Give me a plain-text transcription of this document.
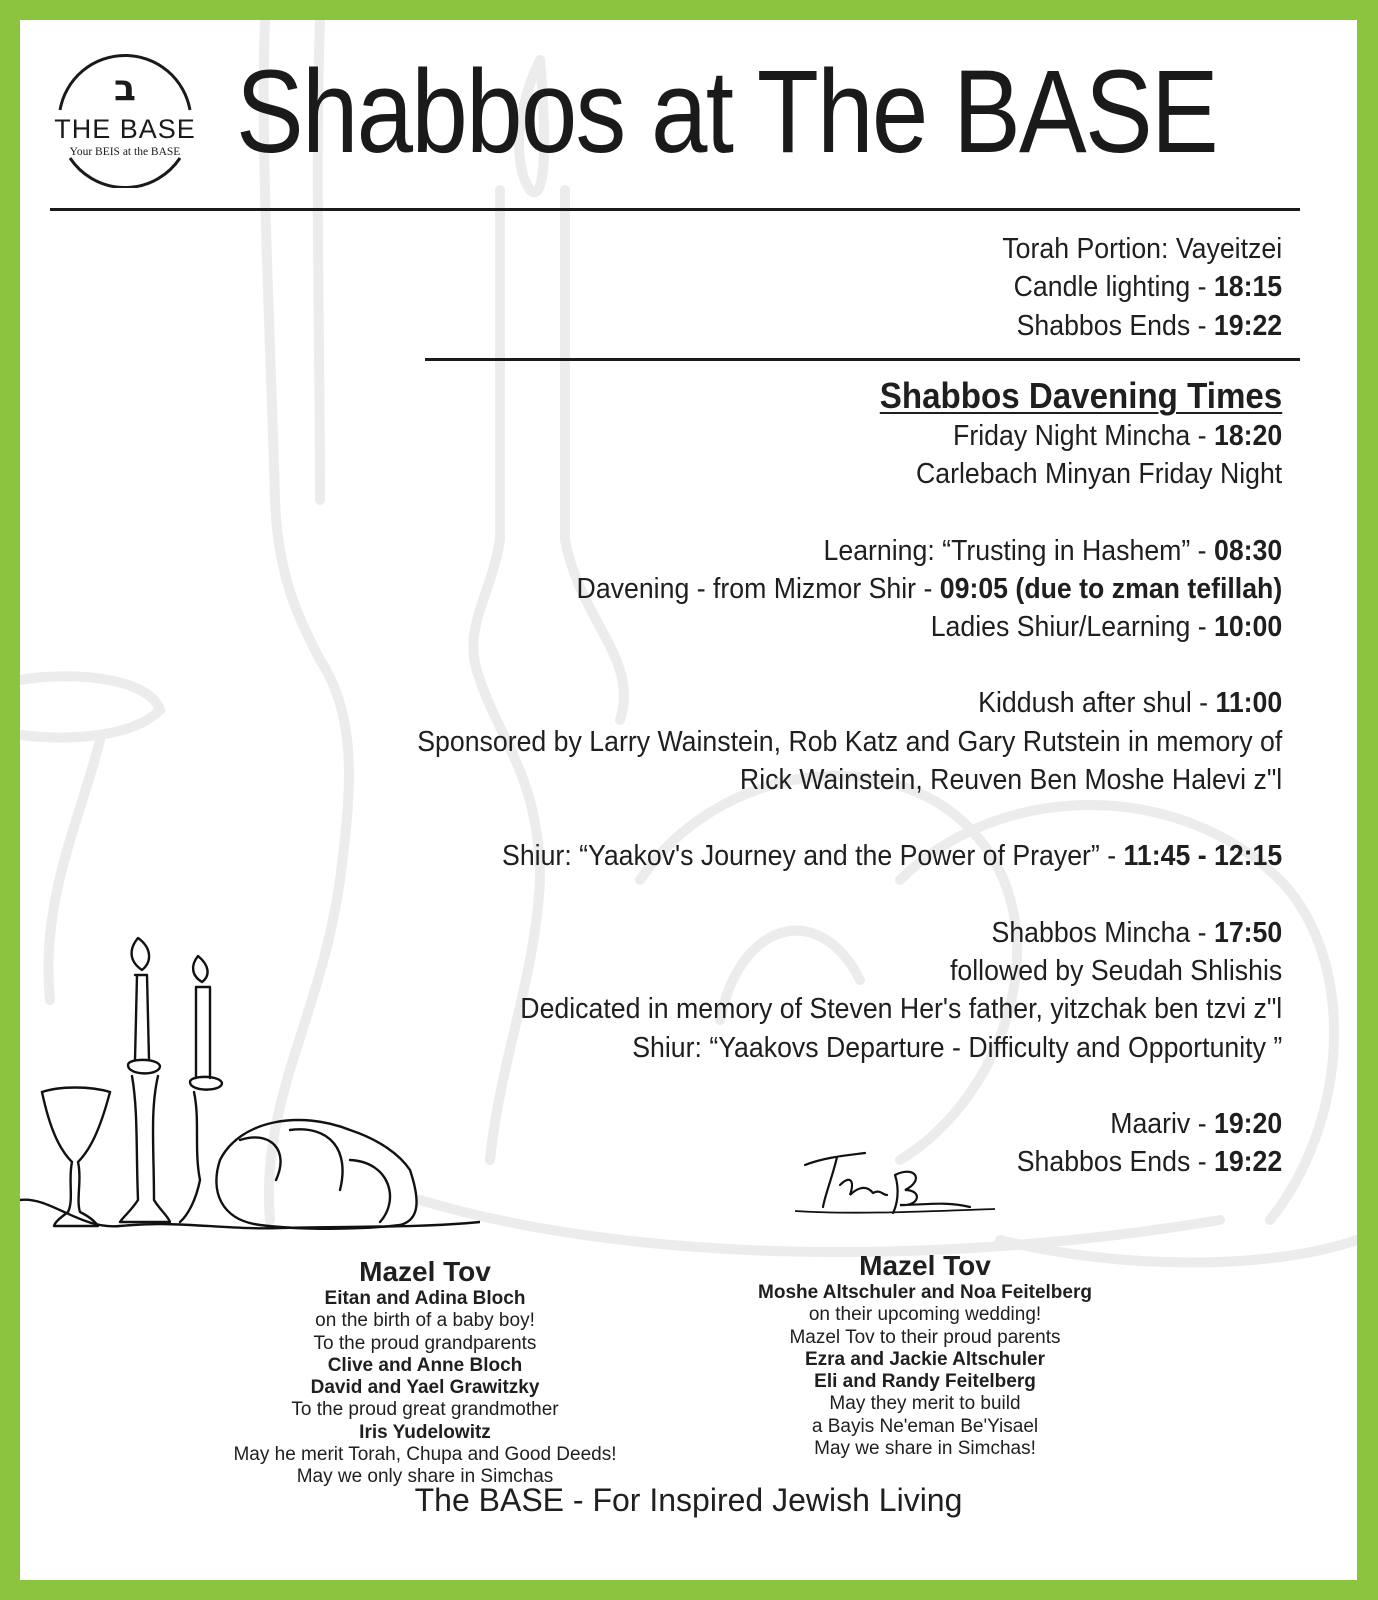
ב
THE BASE
Your BEIS at the BASE Shabbos at The BASE
Torah Portion: Vayeitzei
Candle lighting - 18:15
Shabbos Ends - 19:22
Shabbos Davening Times
Friday Night Mincha - 18:20
Carlebach Minyan Friday Night
Learning: “Trusting in Hashem” - 08:30
Davening - from Mizmor Shir - 09:05 (due to zman tefillah)
Ladies Shiur/Learning - 10:00
Kiddush after shul - 11:00
Sponsored by Larry Wainstein, Rob Katz and Gary Rutstein in memory of
Rick Wainstein, Reuven Ben Moshe Halevi z"l
Shiur: “Yaakov's Journey and the Power of Prayer” - 11:45 - 12:15
Shabbos Mincha - 17:50
followed by Seudah Shlishis
Dedicated in memory of Steven Her's father, yitzchak ben tzvi z"l
Shiur: “Yaakovs Departure - Difficulty and Opportunity ”
Maariv - 19:20
Shabbos Ends - 19:22
Mazel Tov
Eitan and Adina Bloch
on the birth of a baby boy!
To the proud grandparents
Clive and Anne Bloch
David and Yael Grawitzky
To the proud great grandmother
Iris Yudelowitz
May he merit Torah, Chupa and Good Deeds!
May we only share in Simchas
Mazel Tov
Moshe Altschuler and Noa Feitelberg
on their upcoming wedding!
Mazel Tov to their proud parents
Ezra and Jackie Altschuler
Eli and Randy Feitelberg
May they merit to build
a Bayis Ne'eman Be'Yisael
May we share in Simchas!
The BASE - For Inspired Jewish Living
